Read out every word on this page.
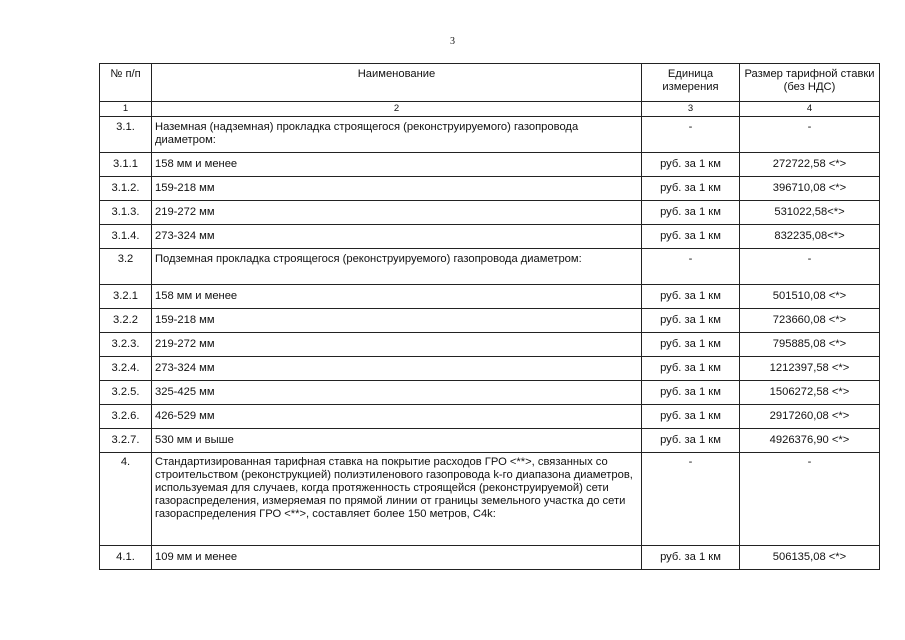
3
№ п/п	Наименование	Единица измерения	Размер тарифной ставки (без НДС)
1	2	3	4
3.1.	Наземная (надземная) прокладка строящегося (реконструируемого) газопровода диаметром:	-	-
3.1.1	158 мм и менее	руб. за 1 км	272722,58 <*>
3.1.2.	159-218 мм	руб. за 1 км	396710,08 <*>
3.1.3.	219-272 мм	руб. за 1 км	531022,58<*>
3.1.4.	273-324 мм	руб. за 1 км	832235,08<*>
3.2	Подземная прокладка строящегося (реконструируемого) газопровода диаметром:	-	-
3.2.1	158 мм и менее	руб. за 1 км	501510,08 <*>
3.2.2	159-218 мм	руб. за 1 км	723660,08 <*>
3.2.3.	219-272 мм	руб. за 1 км	795885,08 <*>
3.2.4.	273-324 мм	руб. за 1 км	1212397,58 <*>
3.2.5.	325-425 мм	руб. за 1 км	1506272,58 <*>
3.2.6.	426-529 мм	руб. за 1 км	2917260,08 <*>
3.2.7.	530 мм и выше	руб. за 1 км	4926376,90 <*>
4.	Стандартизированная тарифная ставка на покрытие расходов ГРО <**>, связанных со строительством (реконструкцией) полиэтиленового газопровода k-го диапазона диаметров, используемая для случаев, когда протяженность строящейся (реконструируемой) сети газораспределения, измеряемая по прямой линии от границы земельного участка до сети газораспределения ГРО <**>, составляет более 150 метров, С4k:	-	-
4.1.	109 мм и менее	руб. за 1 км	506135,08 <*>
